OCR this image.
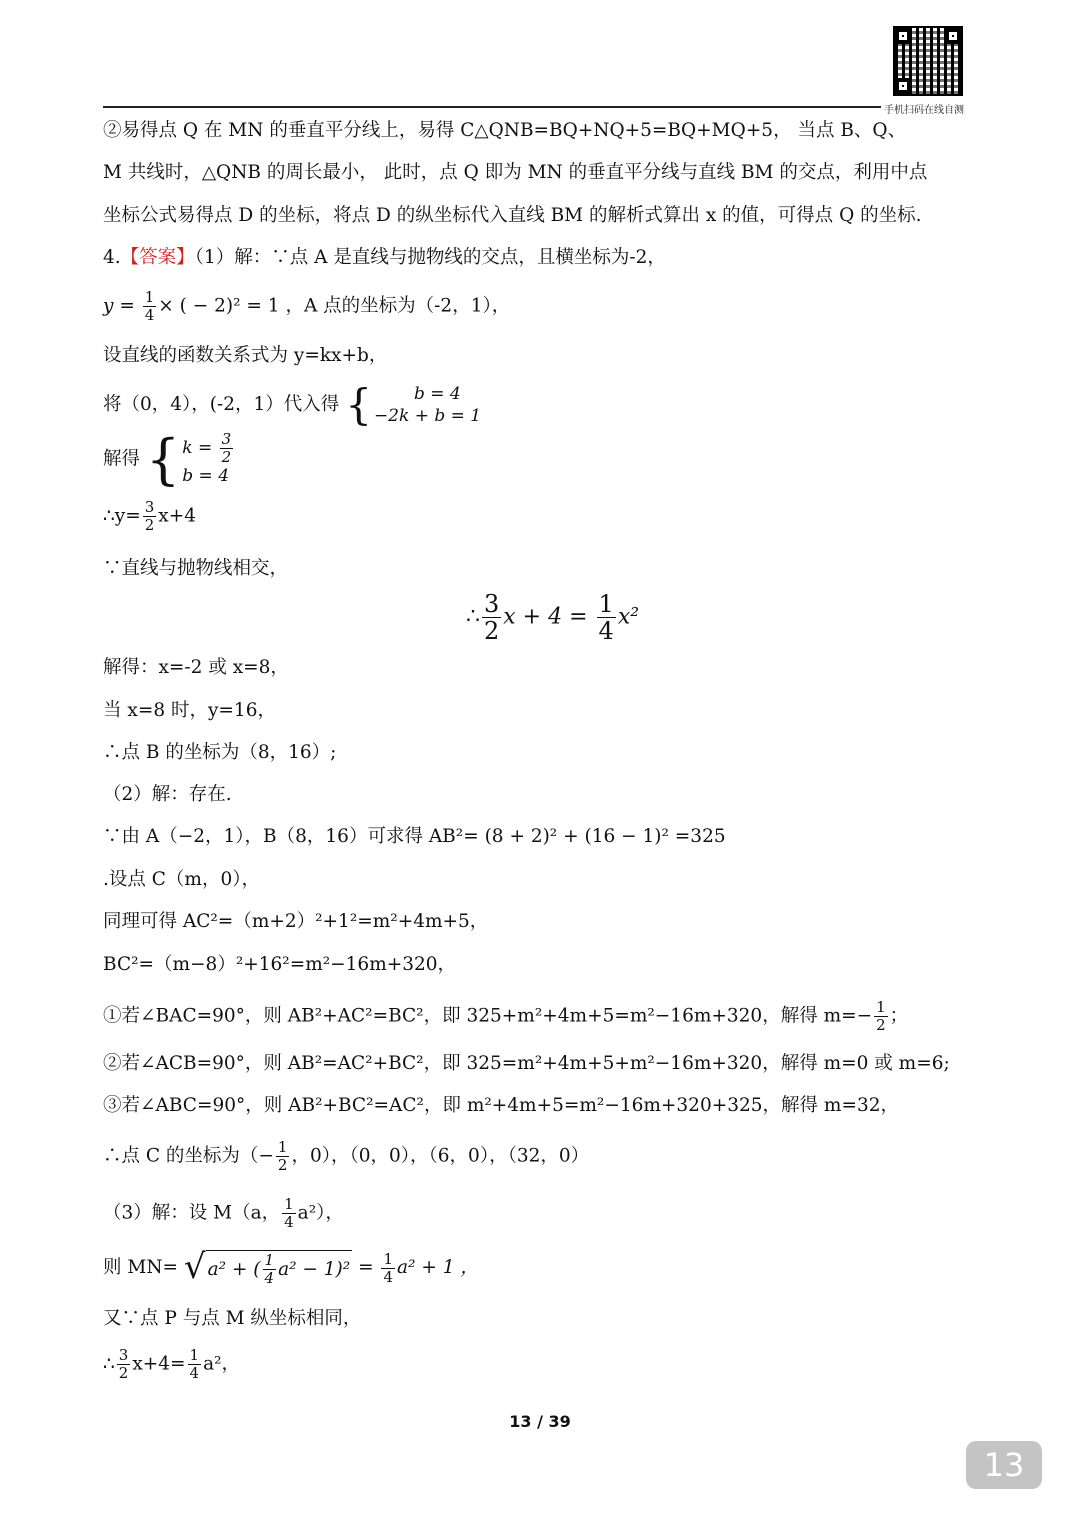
手机扫码在线自测
②易得点 Q 在 MN 的垂直平分线上，易得 C△QNB=BQ+NQ+5=BQ+MQ+5， 当点 B、Q、
M 共线时，△QNB 的周长最小， 此时，点 Q 即为 MN 的垂直平分线与直线 BM 的交点，利用中点
坐标公式易得点 D 的坐标，将点 D 的纵坐标代入直线 BM 的解析式算出 x 的值，可得点 Q 的坐标.
4.【答案】（1）解：∵点 A 是直线与抛物线的交点，且横坐标为-2，
$y = \frac{1}{4}$ × ( − 2)² = 1 ，A 点的坐标为（-2，1），
设直线的函数关系式为 y=kx+b，
将（0，4），(-2，1）代入得 {	b = 4
−2k + b = 1
解得 { $k = \frac{3}{2}$
b = 4
∴y= $\frac{3}{2} x+4$
∵直线与抛物线相交，
∴ $\frac{3}{2}$ $x + 4 = \frac{1}{4} x^2$
解得：x=-2 或 x=8，
当 x=8 时，y=16，
∴点 B 的坐标为（8，16）;
（2）解：存在.
∵由 A（−2，1），B（8，16）可求得 AB²= (8 + 2)² + (16 − 1)² =325
.设点 C（m，0），
同理可得 AC²=（m+2）²+1²=m²+4m+5，
BC²=（m−8）²+16²=m²−16m+320，
①若∠BAC=90°，则 AB²+AC²=BC²，即 325+m²+4m+5=m²−16m+320，解得 $m=- \frac{1}{2}$ ；
②若∠ACB=90°，则 AB²=AC²+BC²，即 325=m²+4m+5+m²−16m+320，解得 m=0 或 m=6;
③若∠ABC=90°，则 AB²+BC²=AC²，即 m²+4m+5=m²−16m+320+325，解得 m=32，
∴点 C 的坐标为（− $\frac{1}{2}$ ，0），（0，0），（6，0），（32，0）
（3）解：设 M（a， $\frac{1}{4} a^2$），
则 MN= √ a² + ( $\frac{1}{4} a^2 - 1)^2 = \frac{1}{4} a^2 + 1$ ，
又∵点 P 与点 M 纵坐标相同，
∴ $\frac{3}{2} x+4= \frac{1}{4} a^2$，
13 / 39
13
